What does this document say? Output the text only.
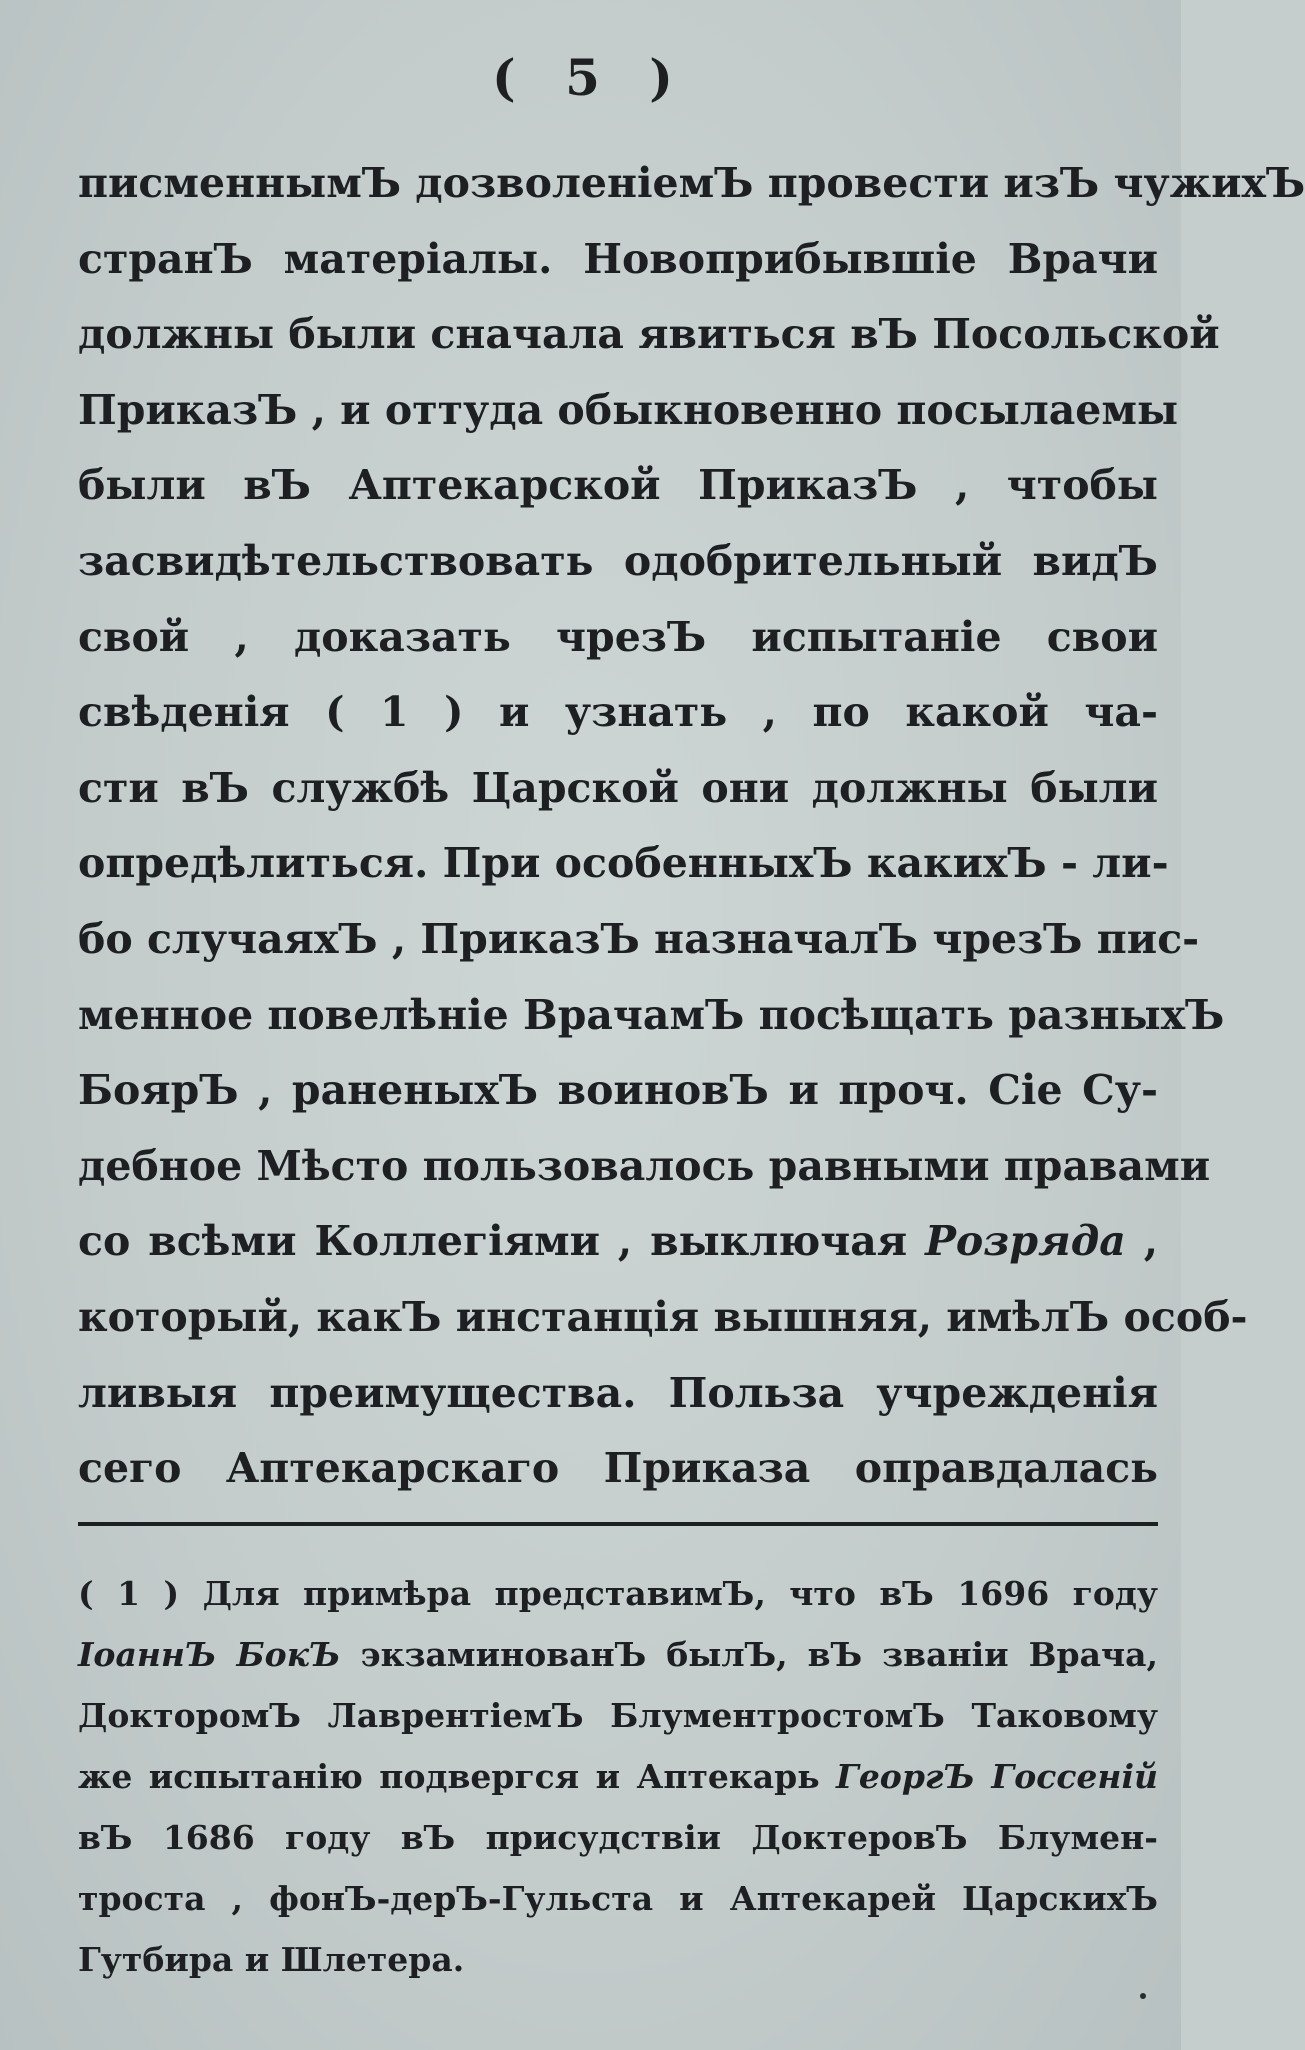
( 5 )
писменнымЪ дозволеніемЪ провести изЪ чужихЪ
странЪ матеріалы. Новоприбывшіе Врачи
должны были сначала явиться вЪ Посольской
ПриказЪ , и оттуда обыкновенно посылаемы
были вЪ Аптекарской ПриказЪ , чтобы
засвидѣтельствовать одобрительный видЪ
свой , доказать чрезЪ испытаніе свои
свѣденія ( 1 ) и узнать , по какой ча-
сти вЪ службѣ Царской они должны были
опредѣлиться. При особенныхЪ какихЪ - ли-
бо случаяхЪ , ПриказЪ назначалЪ чрезЪ пис-
менное повелѣніе ВрачамЪ посѣщать разныхЪ
БоярЪ , раненыхЪ воиновЪ и проч. Сіе Су-
дебное Мѣсто пользовалось равными правами
со всѣми Коллегіями , выключая Розряда ,
который, какЪ инстанція вышняя, имѣлЪ особ-
ливыя преимущества. Польза учрежденія
сего Аптекарскаго Приказа оправдалась
( 1 ) Для примѣра представимЪ, что вЪ 1696 году
ІоаннЪ БокЪ экзаминованЪ былЪ, вЪ званіи Врача,
ДокторомЪ ЛаврентіемЪ БлументростомЪ Таковому
же испытанію подвергся и Аптекарь ГеоргЪ Госсеній
вЪ 1686 году вЪ присудствіи ДоктеровЪ Блумен-
троста , фонЪ-дерЪ-Гульста и Аптекарей ЦарскихЪ
Гутбира и Шлетера.
